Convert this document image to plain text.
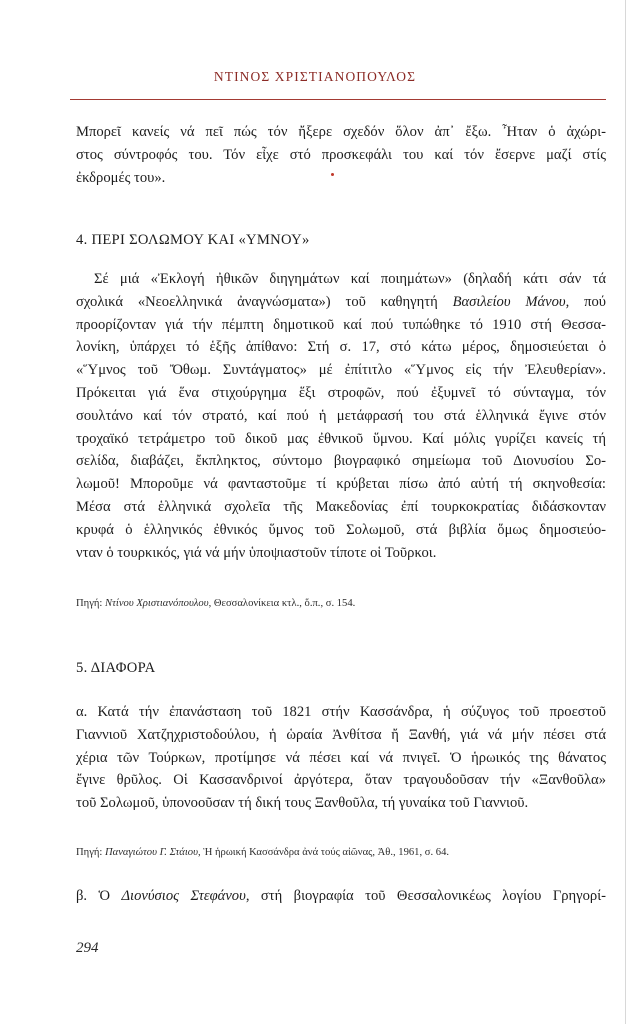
ΝΤΙΝΟΣ ΧΡΙΣΤΙΑΝΟΠΟΥΛΟΣ

Μπορεῖ κανείς νά πεῖ πώς τόν ἤξερε σχεδόν ὅλον ἀπ᾿ ἔξω. Ἦταν ὁ ἀχώρι-
στος σύντροφός του. Τόν εἶχε στό προσκεφάλι του καί τόν ἔσερνε μαζί στίς
ἐκδρομές του».

4. ΠΕΡΙ ΣΟΛΩΜΟΥ ΚΑΙ «ΥΜΝΟΥ»

Σέ μιά «Ἐκλογή ἠθικῶν διηγημάτων καί ποιημάτων» (δηλαδή κάτι σάν τά
σχολικά «Νεοελληνικά ἀναγνώσματα») τοῦ καθηγητή Βασιλείου Μάνου, πού
προορίζονταν γιά τήν πέμπτη δημοτικοῦ καί πού τυπώθηκε τό 1910 στή Θεσσα-
λονίκη, ὑπάρχει τό ἑξῆς ἀπίθανο: Στή σ. 17, στό κάτω μέρος, δημοσιεύεται ὁ
«Ὕμνος τοῦ Ὄθωμ. Συντάγματος» μέ ἐπίτιτλο «Ὕμνος εἰς τήν Ἐλευθερίαν».
Πρόκειται γιά ἕνα στιχούργημα ἕξι στροφῶν, πού ἐξυμνεῖ τό σύνταγμα, τόν
σουλτάνο καί τόν στρατό, καί πού ἡ μετάφρασή του στά ἑλληνικά ἔγινε στόν
τροχαϊκό τετράμετρο τοῦ δικοῦ μας ἐθνικοῦ ὕμνου. Καί μόλις γυρίζει κανείς τή
σελίδα, διαβάζει, ἔκπληκτος, σύντομο βιογραφικό σημείωμα τοῦ Διονυσίου Σο-
λωμοῦ! Μποροῦμε νά φανταστοῦμε τί κρύβεται πίσω ἀπό αὐτή τή σκηνοθεσία:
Μέσα στά ἑλληνικά σχολεῖα τῆς Μακεδονίας ἐπί τουρκοκρατίας διδάσκονταν
κρυφά ὁ ἑλληνικός ἐθνικός ὕμνος τοῦ Σολωμοῦ, στά βιβλία ὅμως δημοσιεύο-
νταν ὁ τουρκικός, γιά νά μήν ὑποψιαστοῦν τίποτε οἱ Τοῦρκοι.

Πηγή: Ντίνου Χριστιανόπουλου, Θεσσαλονίκεια κτλ., ὅ.π., σ. 154.

5. ΔΙΑΦΟΡΑ

α. Κατά τήν ἐπανάσταση τοῦ 1821 στήν Κασσάνδρα, ἡ σύζυγος τοῦ προεστοῦ
Γιαννιοῦ Χατζηχριστοδούλου, ἡ ὡραία Ἀνθίτσα ἤ Ξανθή, γιά νά μήν πέσει στά
χέρια τῶν Τούρκων, προτίμησε νά πέσει καί νά πνιγεῖ. Ὁ ἡρωικός της θάνατος
ἔγινε θρῦλος. Οἱ Κασσανδρινοί ἀργότερα, ὅταν τραγουδοῦσαν τήν «Ξανθοῦλα»
τοῦ Σολωμοῦ, ὑπονοοῦσαν τή δική τους Ξανθοῦλα, τή γυναίκα τοῦ Γιαννιοῦ.

Πηγή: Παναγιώτου Γ. Στάιου, Ἡ ἡρωική Κασσάνδρα ἀνά τούς αἰῶνας, Ἀθ., 1961, σ. 64.

β. Ὁ Διονύσιος Στεφάνου, στή βιογραφία τοῦ Θεσσαλονικέως λογίου Γρηγορί-

294
